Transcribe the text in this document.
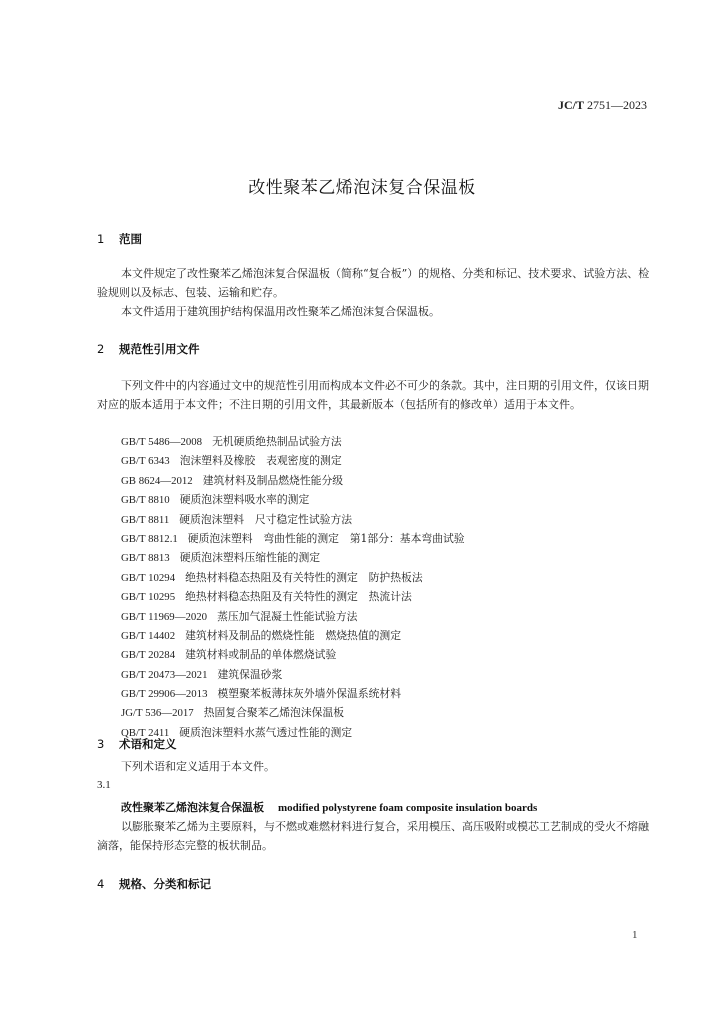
JC/T 2751—2023
改性聚苯乙烯泡沫复合保温板
1 范围
本文件规定了改性聚苯乙烯泡沫复合保温板（简称“复合板”）的规格、分类和标记、技术要求、试验方法、检验规则以及标志、包装、运输和贮存。
本文件适用于建筑围护结构保温用改性聚苯乙烯泡沫复合保温板。
2 规范性引用文件
下列文件中的内容通过文中的规范性引用而构成本文件必不可少的条款。其中，注日期的引用文件，仅该日期对应的版本适用于本文件；不注日期的引用文件，其最新版本（包括所有的修改单）适用于本文件。
GB/T 5486—2008 无机硬质绝热制品试验方法
GB/T 6343 泡沫塑料及橡胶　表观密度的测定
GB 8624—2012 建筑材料及制品燃烧性能分级
GB/T 8810 硬质泡沫塑料吸水率的测定
GB/T 8811 硬质泡沫塑料　尺寸稳定性试验方法
GB/T 8812.1 硬质泡沫塑料　弯曲性能的测定　第1部分：基本弯曲试验
GB/T 8813 硬质泡沫塑料压缩性能的测定
GB/T 10294 绝热材料稳态热阻及有关特性的测定　防护热板法
GB/T 10295 绝热材料稳态热阻及有关特性的测定　热流计法
GB/T 11969—2020 蒸压加气混凝土性能试验方法
GB/T 14402 建筑材料及制品的燃烧性能　燃烧热值的测定
GB/T 20284 建筑材料或制品的单体燃烧试验
GB/T 20473—2021 建筑保温砂浆
GB/T 29906—2013 模塑聚苯板薄抹灰外墙外保温系统材料
JG/T 536—2017 热固复合聚苯乙烯泡沫保温板
QB/T 2411 硬质泡沫塑料水蒸气透过性能的测定
3 术语和定义
下列术语和定义适用于本文件。
3.1
改性聚苯乙烯泡沫复合保温板 modified polystyrene foam composite insulation boards
以膨胀聚苯乙烯为主要原料，与不燃或难燃材料进行复合，采用模压、高压吸附或模芯工艺制成的受火不熔融滴落，能保持形态完整的板状制品。
4 规格、分类和标记
1
